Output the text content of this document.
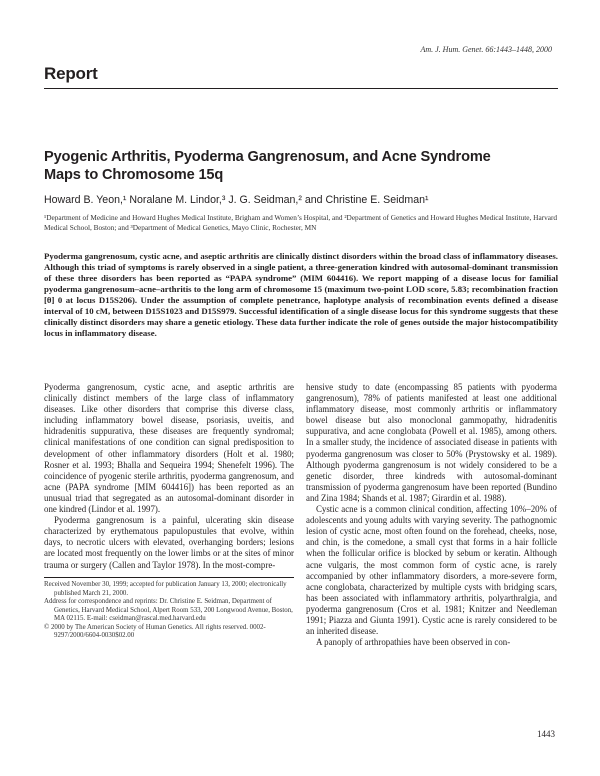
Am. J. Hum. Genet. 66:1443–1448, 2000
Report
Pyogenic Arthritis, Pyoderma Gangrenosum, and Acne Syndrome Maps to Chromosome 15q
Howard B. Yeon,¹ Noralane M. Lindor,³ J. G. Seidman,² and Christine E. Seidman¹
¹Department of Medicine and Howard Hughes Medical Institute, Brigham and Women’s Hospital, and ²Department of Genetics and Howard Hughes Medical Institute, Harvard Medical School, Boston; and ³Department of Medical Genetics, Mayo Clinic, Rochester, MN
Pyoderma gangrenosum, cystic acne, and aseptic arthritis are clinically distinct disorders within the broad class of inflammatory diseases. Although this triad of symptoms is rarely observed in a single patient, a three-generation kindred with autosomal-dominant transmission of these three disorders has been reported as “PAPA syndrome” (MIM 604416). We report mapping of a disease locus for familial pyoderma gangrenosum–acne–arthritis to the long arm of chromosome 15 (maximum two-point LOD score, 5.83; recombination fraction [θ] 0 at locus D15S206). Under the assumption of complete penetrance, haplotype analysis of recombination events defined a disease interval of 10 cM, between D15S1023 and D15S979. Successful identification of a single disease locus for this syndrome suggests that these clinically distinct disorders may share a genetic etiology. These data further indicate the role of genes outside the major histocompatibility locus in inflammatory disease.

Pyoderma gangrenosum, cystic acne, and aseptic arthritis are clinically distinct members of the large class of inflammatory diseases. Like other disorders that comprise this diverse class, including inflammatory bowel disease, psoriasis, uveitis, and hidradenitis suppurativa, these diseases are frequently syndromal; clinical manifestations of one condition can signal predisposition to development of other inflammatory disorders (Holt et al. 1980; Rosner et al. 1993; Bhalla and Sequeira 1994; Shenefelt 1996). The coincidence of pyogenic sterile arthritis, pyoderma gangrenosum, and acne (PAPA syndrome [MIM 604416]) has been reported as an unusual triad that segregated as an autosomal-dominant disorder in one kindred (Lindor et al. 1997).

Pyoderma gangrenosum is a painful, ulcerating skin disease characterized by erythematous papulopustules that evolve, within days, to necrotic ulcers with elevated, overhanging borders; lesions are located most frequently on the lower limbs or at the sites of minor trauma or surgery (Callen and Taylor 1978). In the most-compre-

hensive study to date (encompassing 85 patients with pyoderma gangrenosum), 78% of patients manifested at least one additional inflammatory disease, most commonly arthritis or inflammatory bowel disease but also monoclonal gammopathy, hidradenitis suppurativa, and acne conglobata (Powell et al. 1985), among others. In a smaller study, the incidence of associated disease in patients with pyoderma gangrenosum was closer to 50% (Prystowsky et al. 1989). Although pyoderma gangrenosum is not widely considered to be a genetic disorder, three kindreds with autosomal-dominant transmission of pyoderma gangrenosum have been reported (Bundino and Zina 1984; Shands et al. 1987; Girardin et al. 1988).

Cystic acne is a common clinical condition, affecting 10%–20% of adolescents and young adults with varying severity. The pathognomic lesion of cystic acne, most often found on the forehead, cheeks, nose, and chin, is the comedone, a small cyst that forms in a hair follicle when the follicular orifice is blocked by sebum or keratin. Although acne vulgaris, the most common form of cystic acne, is rarely accompanied by other inflammatory disorders, a more-severe form, acne conglobata, characterized by multiple cysts with bridging scars, has been associated with inflammatory arthritis, polyarthralgia, and pyoderma gangrenosum (Cros et al. 1981; Knitzer and Needleman 1991; Piazza and Giunta 1991). Cystic acne is rarely considered to be an inherited disease.

A panoply of arthropathies have been observed in con-

Received November 30, 1999; accepted for publication January 13, 2000; electronically published March 21, 2000.

Address for correspondence and reprints: Dr. Christine E. Seidman, Department of Genetics, Harvard Medical School, Alpert Room 533, 200 Longwood Avenue, Boston, MA 02115. E-mail: cseidman@rascal.med.harvard.edu

© 2000 by The American Society of Human Genetics. All rights reserved. 0002-9297/2000/6604-0030$02.00

1443
